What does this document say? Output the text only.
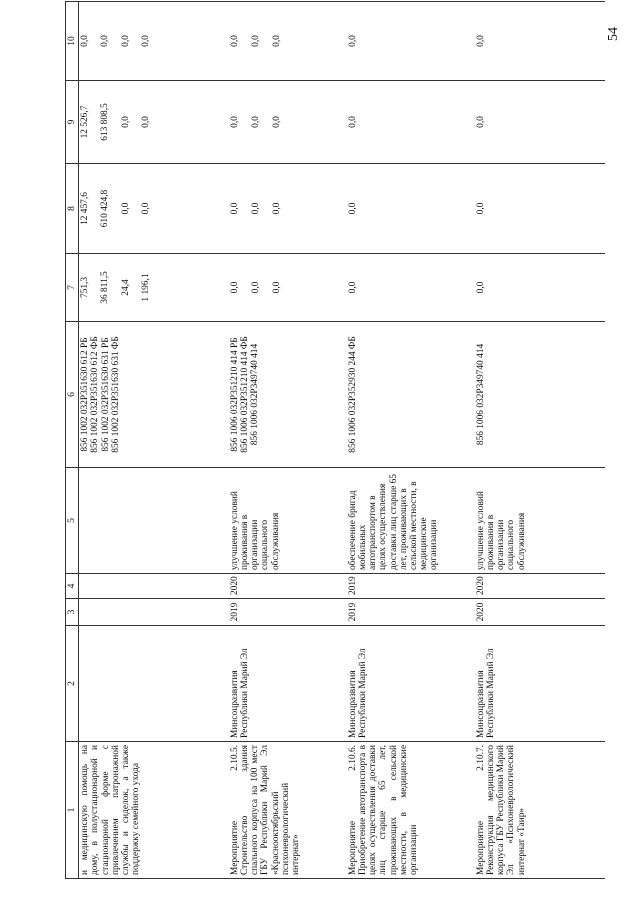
54
1	2	3	4	5	6	7	8	9	10
и медицинскую помощь на дому, в полустационарной и стационарной форме с привлечением патронажной службы и сиделок, а также поддержку семейного ухода					856 1002 032P351630 612 РБ 856 1002 032P351630 612 ФБ 856 1002 032P351630 631 РБ 856 1002 032P351630 631 ФБ	751,3 36 811,5 24,4 1 196,1	12 457,6 610 424,8 0,0 0,0	12 526,7 613 808,5 0,0 0,0	0,0 0,0 0,0 0,0

Мероприятие 2.10.5. Строительство здания спального корпуса на 100 мест ГБУ Республики Марий Эл «Краснооктябрьский психоневрологический интернат»	Минсоцразвития Республики Марий Эл	2019	2020	улучшение условий проживания в организации социального обслуживания	856 1006 032P351210 414 РБ 856 1006 032P351210 414 ФБ 856 1006 032P349740 414	0,0 0,0 0,0	0,0 0,0 0,0	0,0 0,0 0,0	0,0 0,0 0,0

Мероприятие 2.10.6. Приобретение автотранспорта в целях осуществления доставки лиц старше 65 лет, проживающих в сельской местности, в медицинские организации	Минсоцразвития Республики Марий Эл	2019	2019	обеспечение бригад мобильных автотранспортом в целях осуществления доставки лиц старше 65 лет, проживающих в сельской местности, в медицинские организации	856 1006 032P352930 244 ФБ	0,0	0,0	0,0	0,0

Мероприятие 2.10.7. Реконструкция медицинского корпуса ГБУ Республики Марий Эл «Психоневрологический интернат «Таир»	Минсоцразвития Республики Марий Эл	2020	2020	улучшение условий проживания в организации социального обслуживания	856 1006 032P349740 414	0,0	0,0	0,0	0,0
